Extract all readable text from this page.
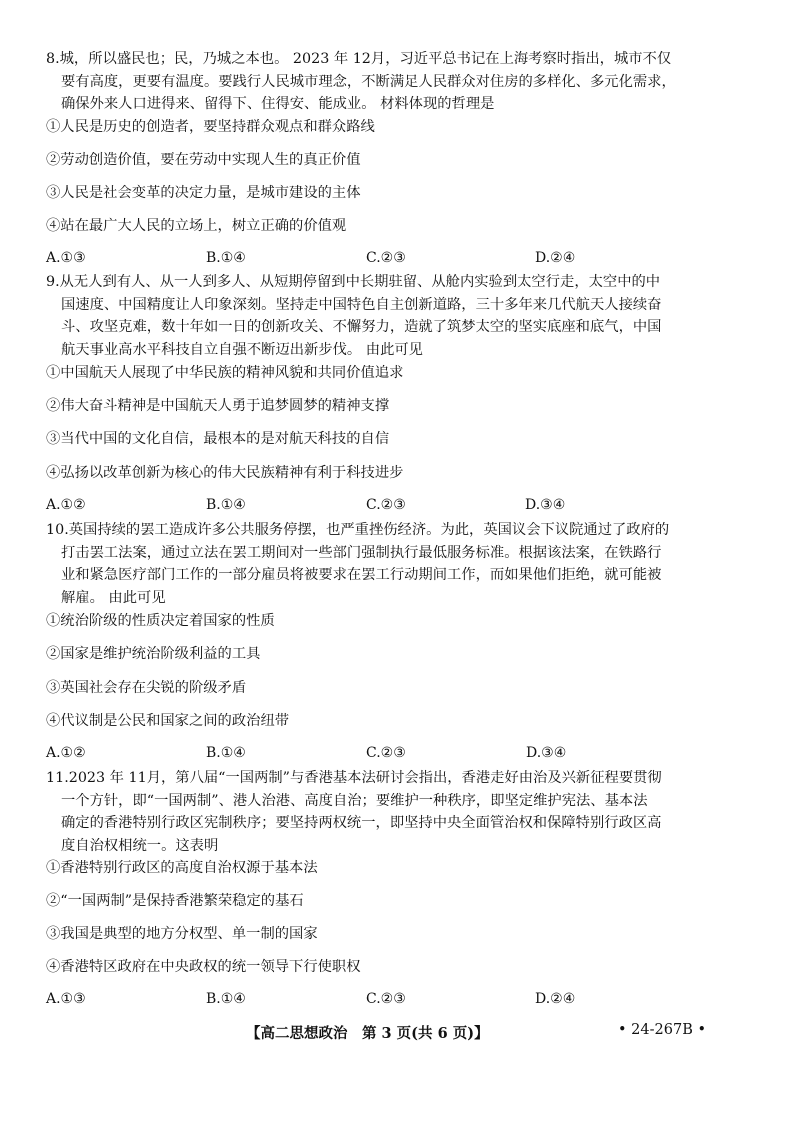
8.城，所以盛民也；民，乃城之本也。 2023 年 12月，习近平总书记在上海考察时指出，城市不仅
要有高度，更要有温度。要践行人民城市理念，不断满足人民群众对住房的多样化、多元化需求，
确保外来人口进得来、留得下、住得安、能成业。 材料体现的哲理是

①人民是历史的创造者，要坚持群众观点和群众路线

②劳动创造价值，要在劳动中实现人生的真正价值

③人民是社会变革的决定力量，是城市建设的主体

④站在最广大人民的立场上，树立正确的价值观

A.①③	B.①④	C.②③	D.②④

9.从无人到有人、从一人到多人、从短期停留到中长期驻留、从舱内实验到太空行走，太空中的中
国速度、中国精度让人印象深刻。坚持走中国特色自主创新道路，三十多年来几代航天人接续奋
斗、攻坚克难，数十年如一日的创新攻关、不懈努力，造就了筑梦太空的坚实底座和底气，中国
航天事业高水平科技自立自强不断迈出新步伐。 由此可见

①中国航天人展现了中华民族的精神风貌和共同价值追求

②伟大奋斗精神是中国航天人勇于追梦圆梦的精神支撑

③当代中国的文化自信，最根本的是对航天科技的自信

④弘扬以改革创新为核心的伟大民族精神有利于科技进步

A.①②	B.①④	C.②③	D.③④

10.英国持续的罢工造成许多公共服务停摆，也严重挫伤经济。为此，英国议会下议院通过了政府的
打击罢工法案，通过立法在罢工期间对一些部门强制执行最低服务标准。根据该法案，在铁路行
业和紧急医疗部门工作的一部分雇员将被要求在罢工行动期间工作，而如果他们拒绝，就可能被
解雇。 由此可见

①统治阶级的性质决定着国家的性质

②国家是维护统治阶级利益的工具

③英国社会存在尖锐的阶级矛盾

④代议制是公民和国家之间的政治纽带

A.①②	B.①④	C.②③	D.③④

11.2023 年 11月，第八届“一国两制”与香港基本法研讨会指出，香港走好由治及兴新征程要贯彻
一个方针，即“一国两制”、港人治港、高度自治；要维护一种秩序，即坚定维护宪法、基本法
确定的香港特别行政区宪制秩序；要坚持两权统一，即坚持中央全面管治权和保障特别行政区高
度自治权相统一。这表明

①香港特别行政区的高度自治权源于基本法

②“一国两制”是保持香港繁荣稳定的基石

③我国是典型的地方分权型、单一制的国家

④香港特区政府在中央政权的统一领导下行使职权

A.①③	B.①④	C.②③	D.②④
【高二思想政治　第 3 页(共 6 页)】	• 24-267B •
